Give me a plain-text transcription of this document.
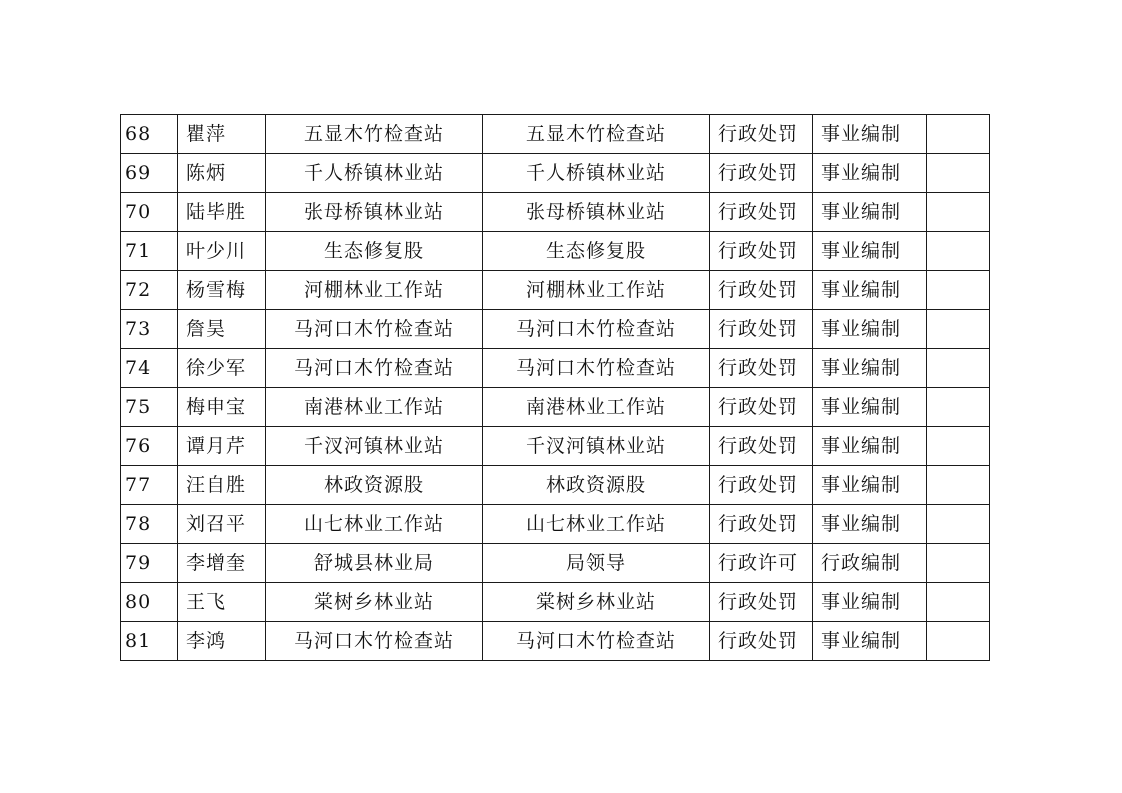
68	瞿萍	五显木竹检查站	五显木竹检查站	行政处罚	事业编制	
69	陈炳	千人桥镇林业站	千人桥镇林业站	行政处罚	事业编制	
70	陆毕胜	张母桥镇林业站	张母桥镇林业站	行政处罚	事业编制	
71	叶少川	生态修复股	生态修复股	行政处罚	事业编制	
72	杨雪梅	河棚林业工作站	河棚林业工作站	行政处罚	事业编制	
73	詹昊	马河口木竹检查站	马河口木竹检查站	行政处罚	事业编制	
74	徐少军	马河口木竹检查站	马河口木竹检查站	行政处罚	事业编制	
75	梅申宝	南港林业工作站	南港林业工作站	行政处罚	事业编制	
76	谭月芹	千汊河镇林业站	千汊河镇林业站	行政处罚	事业编制	
77	汪自胜	林政资源股	林政资源股	行政处罚	事业编制	
78	刘召平	山七林业工作站	山七林业工作站	行政处罚	事业编制	
79	李增奎	舒城县林业局	局领导	行政许可	行政编制	
80	王飞	棠树乡林业站	棠树乡林业站	行政处罚	事业编制	
81	李鸿	马河口木竹检查站	马河口木竹检查站	行政处罚	事业编制	
